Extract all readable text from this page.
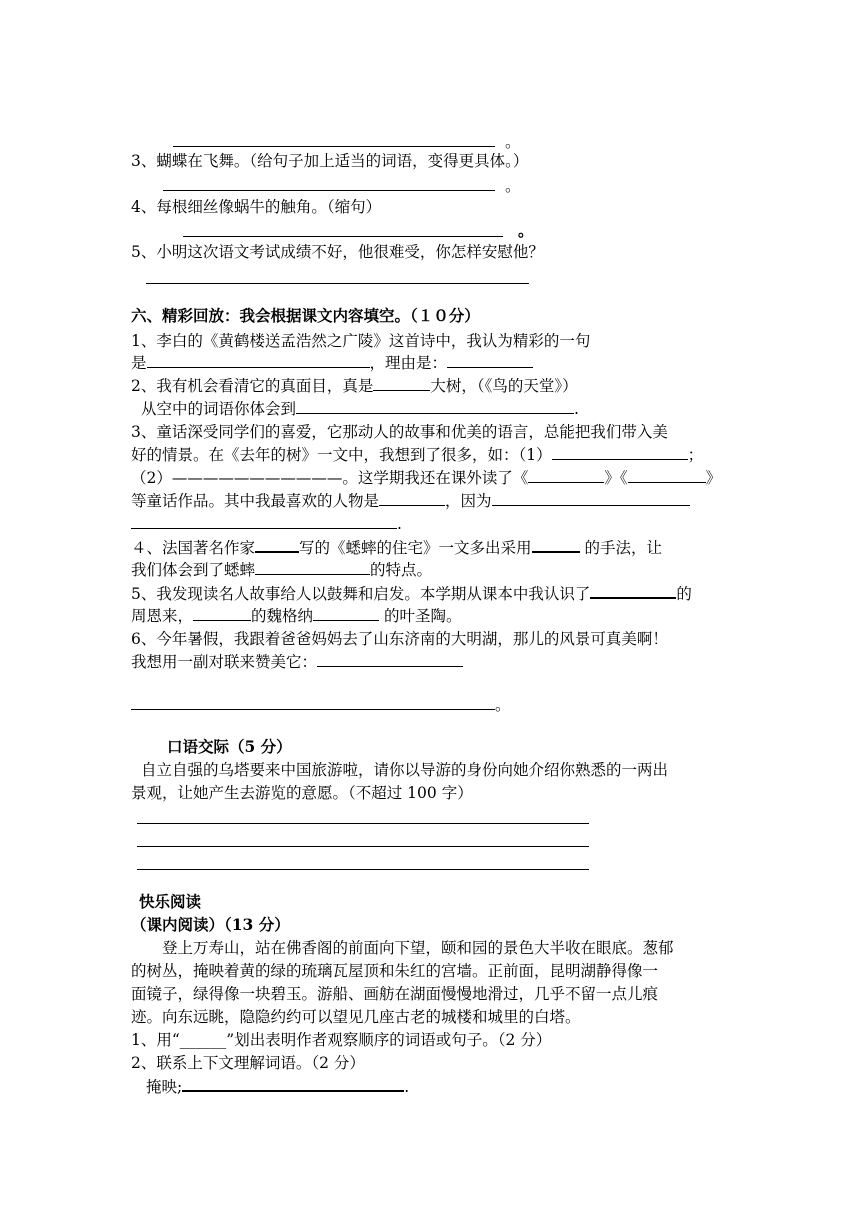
。
3、蝴蝶在飞舞。（给句子加上适当的词语，变得更具体。）
。
4、每根细丝像蜗牛的触角。（缩句）
。
5、小明这次语文考试成绩不好，他很难受，你怎样安慰他？
六、精彩回放：我会根据课文内容填空。（１０分）
1、李白的《黄鹤楼送孟浩然之广陵》这首诗中，我认为精彩的一句
是	，理由是：
2、我有机会看清它的真面目，真是	大树，（《鸟的天堂》）
从空中的词语你体会到	.
3、童话深受同学们的喜爱，它那动人的故事和优美的语言，总能把我们带入美
好的情景。在《去年的树》一文中，我想到了很多，如：（1）	；
（2）———————————。这学期我还在课外读了《	》《	》
等童话作品。其中我最喜欢的人物是	，因为
.
４、法国著名作家	写的《蟋蟀的住宅》一文多出采用	的手法，让
我们体会到了蟋蟀	的特点。
5、我发现读名人故事给人以鼓舞和启发。本学期从课本中我认识了	的
周恩来，	的魏格纳	的叶圣陶。
6、今年暑假，我跟着爸爸妈妈去了山东济南的大明湖，那儿的风景可真美啊！
我想用一副对联来赞美它：
。
口语交际（5 分）
自立自强的乌塔要来中国旅游啦，请你以导游的身份向她介绍你熟悉的一两出
景观，让她产生去游览的意愿。（不超过 100 字）
快乐阅读
（课内阅读）（13 分）
登上万寿山，站在佛香阁的前面向下望，颐和园的景色大半收在眼底。葱郁
的树丛，掩映着黄的绿的琉璃瓦屋顶和朱红的宫墙。正前面，昆明湖静得像一
面镜子，绿得像一块碧玉。游船、画舫在湖面慢慢地滑过，几乎不留一点儿痕
迹。向东远眺，隐隐约约可以望见几座古老的城楼和城里的白塔。
1、用“______”划出表明作者观察顺序的词语或句子。（2 分）
2、联系上下文理解词语。（2 分）
掩映;	.
